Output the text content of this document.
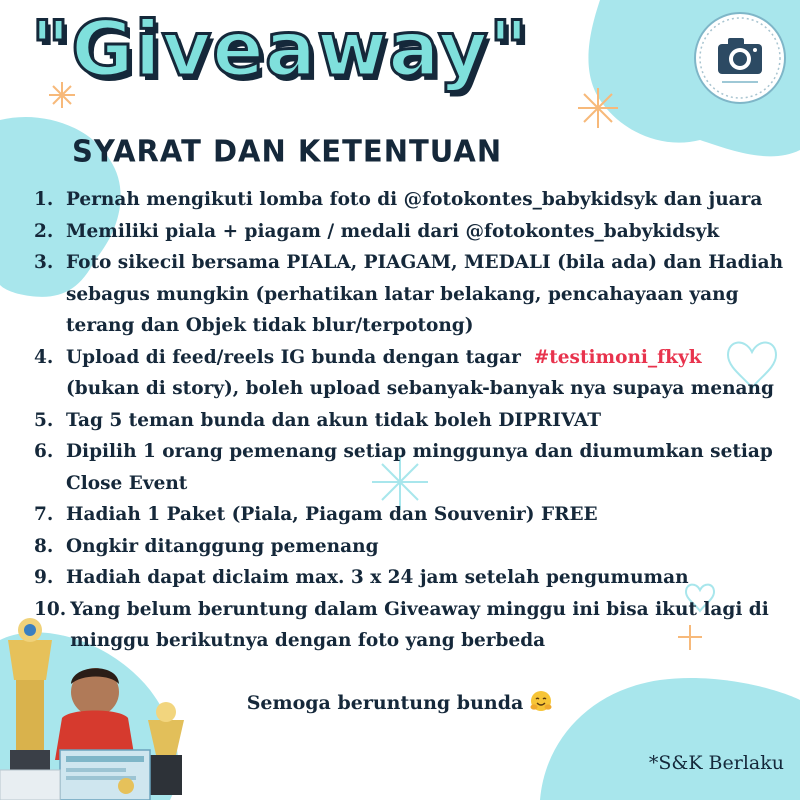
"Giveaway"
SYARAT DAN KETENTUAN
1. Pernah mengikuti lomba foto di @fotokontes_babykidsyk dan juara
2. Memiliki piala + piagam / medali dari @fotokontes_babykidsyk
3. Foto sikecil bersama PIALA, PIAGAM, MEDALI (bila ada) dan Hadiah sebagus mungkin (perhatikan latar belakang, pencahayaan yang terang dan Objek tidak blur/terpotong)
4. Upload di feed/reels IG bunda dengan tagar #testimoni_fkyk
(bukan di story), boleh upload sebanyak-banyak nya supaya menang
5. Tag 5 teman bunda dan akun tidak boleh DIPRIVAT
6. Dipilih 1 orang pemenang setiap minggunya dan diumumkan setiap Close Event
7. Hadiah 1 Paket (Piala, Piagam dan Souvenir) FREE
8. Ongkir ditanggung pemenang
9. Hadiah dapat diclaim max. 3 x 24 jam setelah pengumuman
10. Yang belum beruntung dalam Giveaway minggu ini bisa ikut lagi di minggu berikutnya dengan foto yang berbeda
Semoga beruntung bunda
*S&K Berlaku
